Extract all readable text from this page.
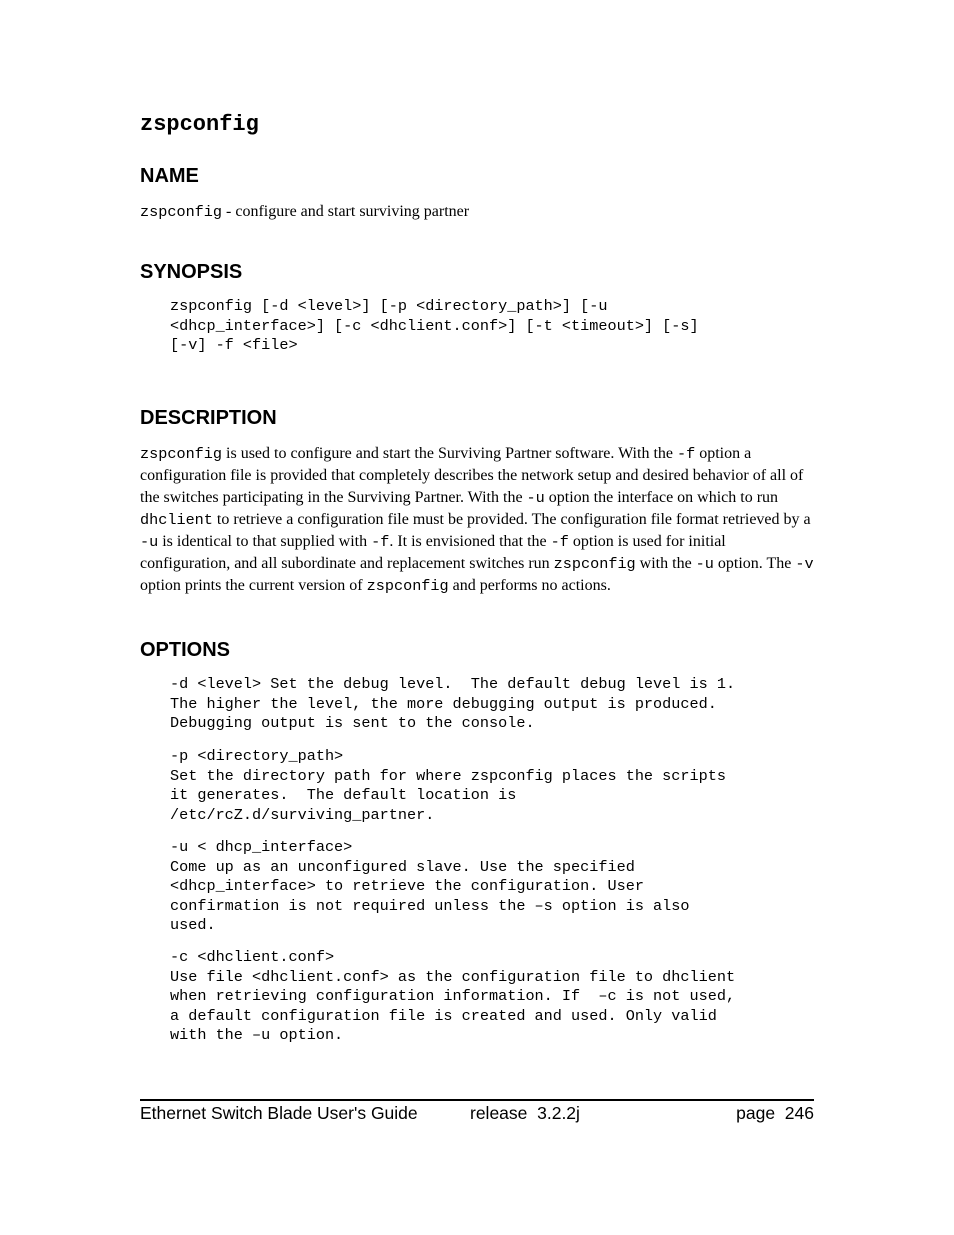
zspconfig
NAME

zspconfig - configure and start surviving partner

SYNOPSIS
zspconfig [-d <level>] [-p <directory_path>] [-u
<dhcp_interface>] [-c <dhclient.conf>] [-t <timeout>] [-s]
[-v] -f <file>
DESCRIPTION

zspconfig is used to configure and start the Surviving Partner software. With the -f option a configuration file is provided that completely describes the network setup and desired behavior of all of the switches participating in the Surviving Partner. With the -u option the interface on which to run dhclient to retrieve a configuration file must be provided. The configuration file format retrieved by a -u is identical to that supplied with -f. It is envisioned that the -f option is used for initial configuration, and all subordinate and replacement switches run zspconfig with the -u option. The -v option prints the current version of zspconfig and performs no actions.

OPTIONS
-d <level> Set the debug level.  The default debug level is 1.
The higher the level, the more debugging output is produced.
Debugging output is sent to the console.
-p <directory_path>
Set the directory path for where zspconfig places the scripts
it generates.  The default location is
/etc/rcZ.d/surviving_partner.
-u < dhcp_interface>
Come up as an unconfigured slave. Use the specified
<dhcp_interface> to retrieve the configuration. User
confirmation is not required unless the –s option is also
used.
-c <dhclient.conf>
Use file <dhclient.conf> as the configuration file to dhclient
when retrieving configuration information. If  –c is not used,
a default configuration file is created and used. Only valid
with the –u option.
Ethernet Switch Blade User's Guide	release  3.2.2j	page  246
